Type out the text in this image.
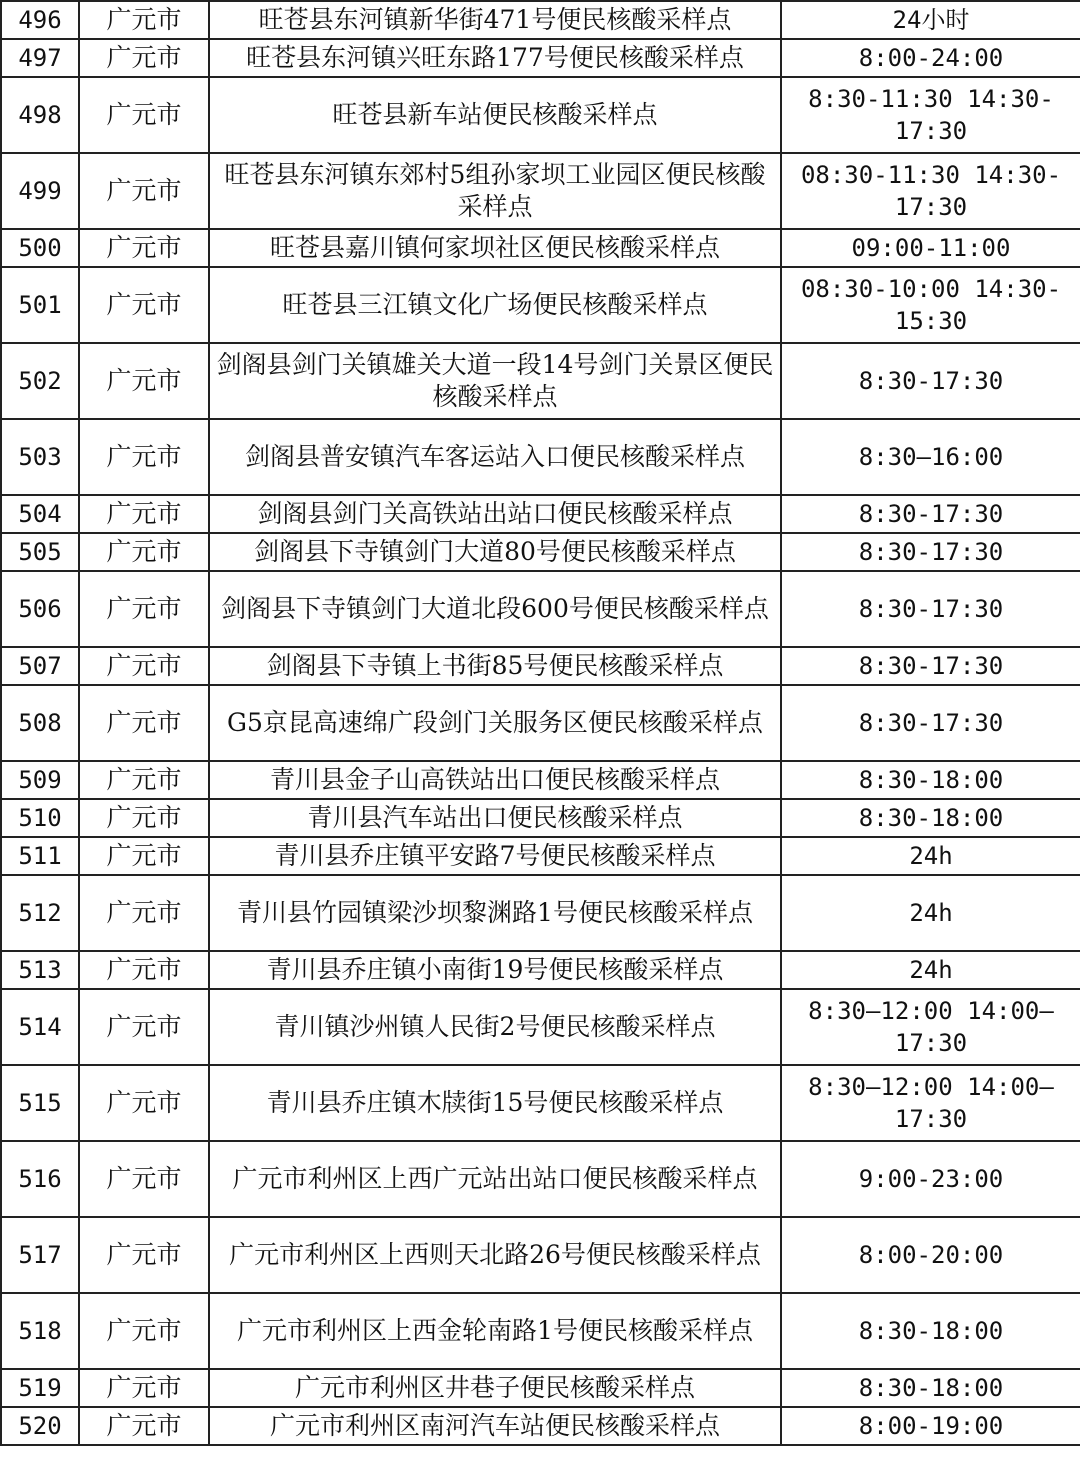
496	广元市	旺苍县东河镇新华街471号便民核酸采样点	24小时
497	广元市	旺苍县东河镇兴旺东路177号便民核酸采样点	8:00-24:00
498	广元市	旺苍县新车站便民核酸采样点	8:30-11:30 14:30-17:30
499	广元市	旺苍县东河镇东郊村5组孙家坝工业园区便民核酸采样点	08:30-11:30 14:30-17:30
500	广元市	旺苍县嘉川镇何家坝社区便民核酸采样点	09:00-11:00
501	广元市	旺苍县三江镇文化广场便民核酸采样点	08:30-10:00 14:30-15:30
502	广元市	剑阁县剑门关镇雄关大道一段14号剑门关景区便民核酸采样点	8:30-17:30
503	广元市	剑阁县普安镇汽车客运站入口便民核酸采样点	8:30—16:00
504	广元市	剑阁县剑门关高铁站出站口便民核酸采样点	8:30-17:30
505	广元市	剑阁县下寺镇剑门大道80号便民核酸采样点	8:30-17:30
506	广元市	剑阁县下寺镇剑门大道北段600号便民核酸采样点	8:30-17:30
507	广元市	剑阁县下寺镇上书街85号便民核酸采样点	8:30-17:30
508	广元市	G5京昆高速绵广段剑门关服务区便民核酸采样点	8:30-17:30
509	广元市	青川县金子山高铁站出口便民核酸采样点	8:30-18:00
510	广元市	青川县汽车站出口便民核酸采样点	8:30-18:00
511	广元市	青川县乔庄镇平安路7号便民核酸采样点	24h
512	广元市	青川县竹园镇梁沙坝黎渊路1号便民核酸采样点	24h
513	广元市	青川县乔庄镇小南街19号便民核酸采样点	24h
514	广元市	青川镇沙州镇人民街2号便民核酸采样点	8:30—12:00 14:00—17:30
515	广元市	青川县乔庄镇木牍街15号便民核酸采样点	8:30—12:00 14:00—17:30
516	广元市	广元市利州区上西广元站出站口便民核酸采样点	9:00-23:00
517	广元市	广元市利州区上西则天北路26号便民核酸采样点	8:00-20:00
518	广元市	广元市利州区上西金轮南路1号便民核酸采样点	8:30-18:00
519	广元市	广元市利州区井巷子便民核酸采样点	8:30-18:00
520	广元市	广元市利州区南河汽车站便民核酸采样点	8:00-19:00
